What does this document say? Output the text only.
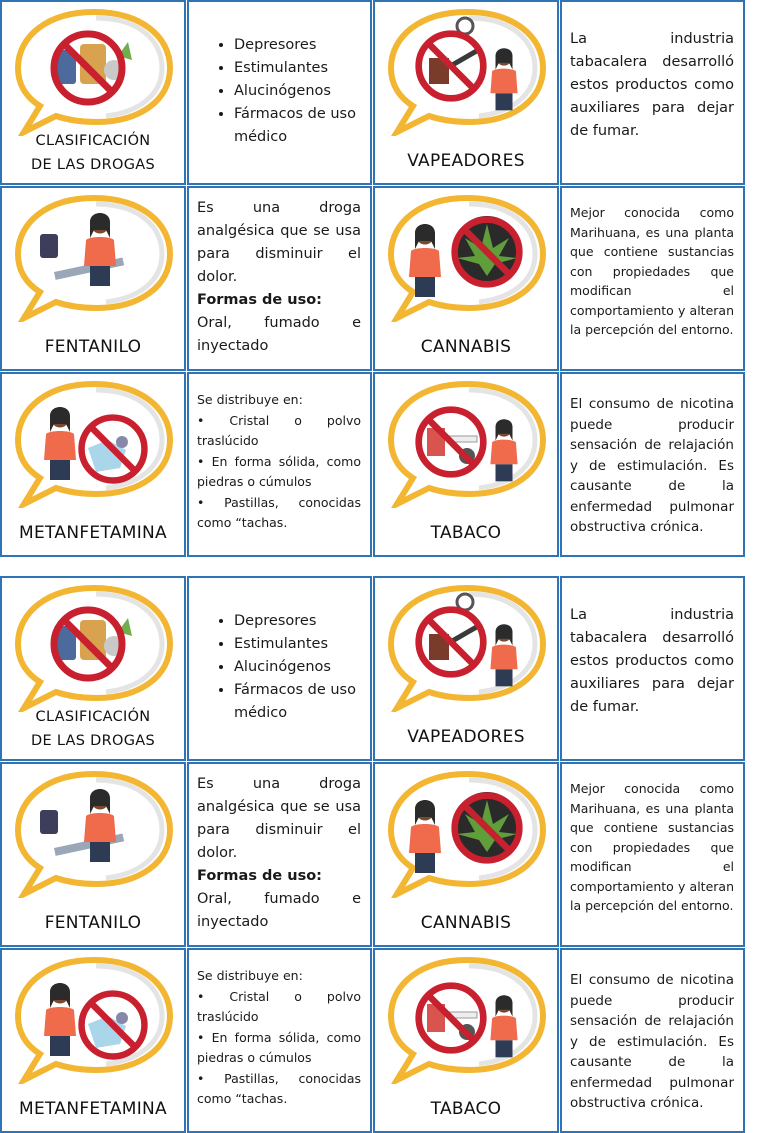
CLASIFICACIÓN
DE LAS DROGAS
• Depresores
• Estimulantes
• Alucinógenos
• Fármacos de uso médico
VAPEADORES
La industria tabacalera desarrolló estos productos como auxiliares para dejar de fumar.
FENTANILO
Es una droga analgésica que se usa para disminuir el dolor.
Formas de uso:
Oral, fumado e inyectado	CANNABIS
Mejor conocida como Marihuana, es una planta que contiene sustancias con propiedades que modifican el comportamiento y alteran la percepción del entorno.
METANFETAMINA

Se distribuye en:

• Cristal o polvo traslúcido

• En forma sólida, como piedras o cúmulos

• Pastillas, conocidas como “tachas.

TABACO
El consumo de nicotina puede producir sensación de relajación y de estimulación. Es causante de la enfermedad pulmonar obstructiva crónica.
CLASIFICACIÓN
DE LAS DROGAS
• Depresores
• Estimulantes
• Alucinógenos
• Fármacos de uso médico
VAPEADORES
La industria tabacalera desarrolló estos productos como auxiliares para dejar de fumar.
FENTANILO
Es una droga analgésica que se usa para disminuir el dolor.
Formas de uso:
Oral, fumado e inyectado	CANNABIS
Mejor conocida como Marihuana, es una planta que contiene sustancias con propiedades que modifican el comportamiento y alteran la percepción del entorno.
METANFETAMINA

Se distribuye en:

• Cristal o polvo traslúcido

• En forma sólida, como piedras o cúmulos

• Pastillas, conocidas como “tachas.

TABACO
El consumo de nicotina puede producir sensación de relajación y de estimulación. Es causante de la enfermedad pulmonar obstructiva crónica.
